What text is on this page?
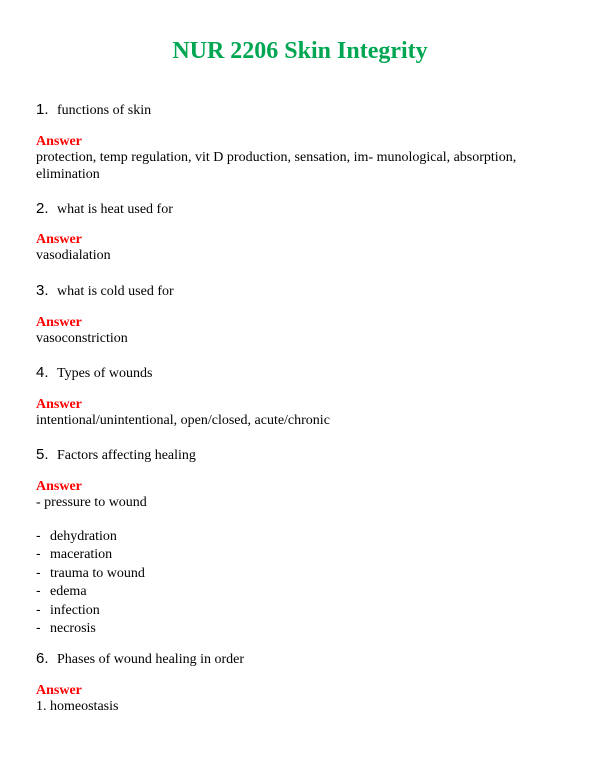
NUR 2206 Skin Integrity
1. functions of skin
Answer
protection, temp regulation, vit D production, sensation, im- munological, absorption, elimination
2. what is heat used for
Answer
vasodialation
3. what is cold used for
Answer
vasoconstriction
4. Types of wounds
Answer
intentional/unintentional, open/closed, acute/chronic
5. Factors affecting healing
Answer
- pressure to wound
- dehydration
- maceration
- trauma to wound
- edema
- infection
- necrosis
6. Phases of wound healing in order
Answer
1. homeostasis
